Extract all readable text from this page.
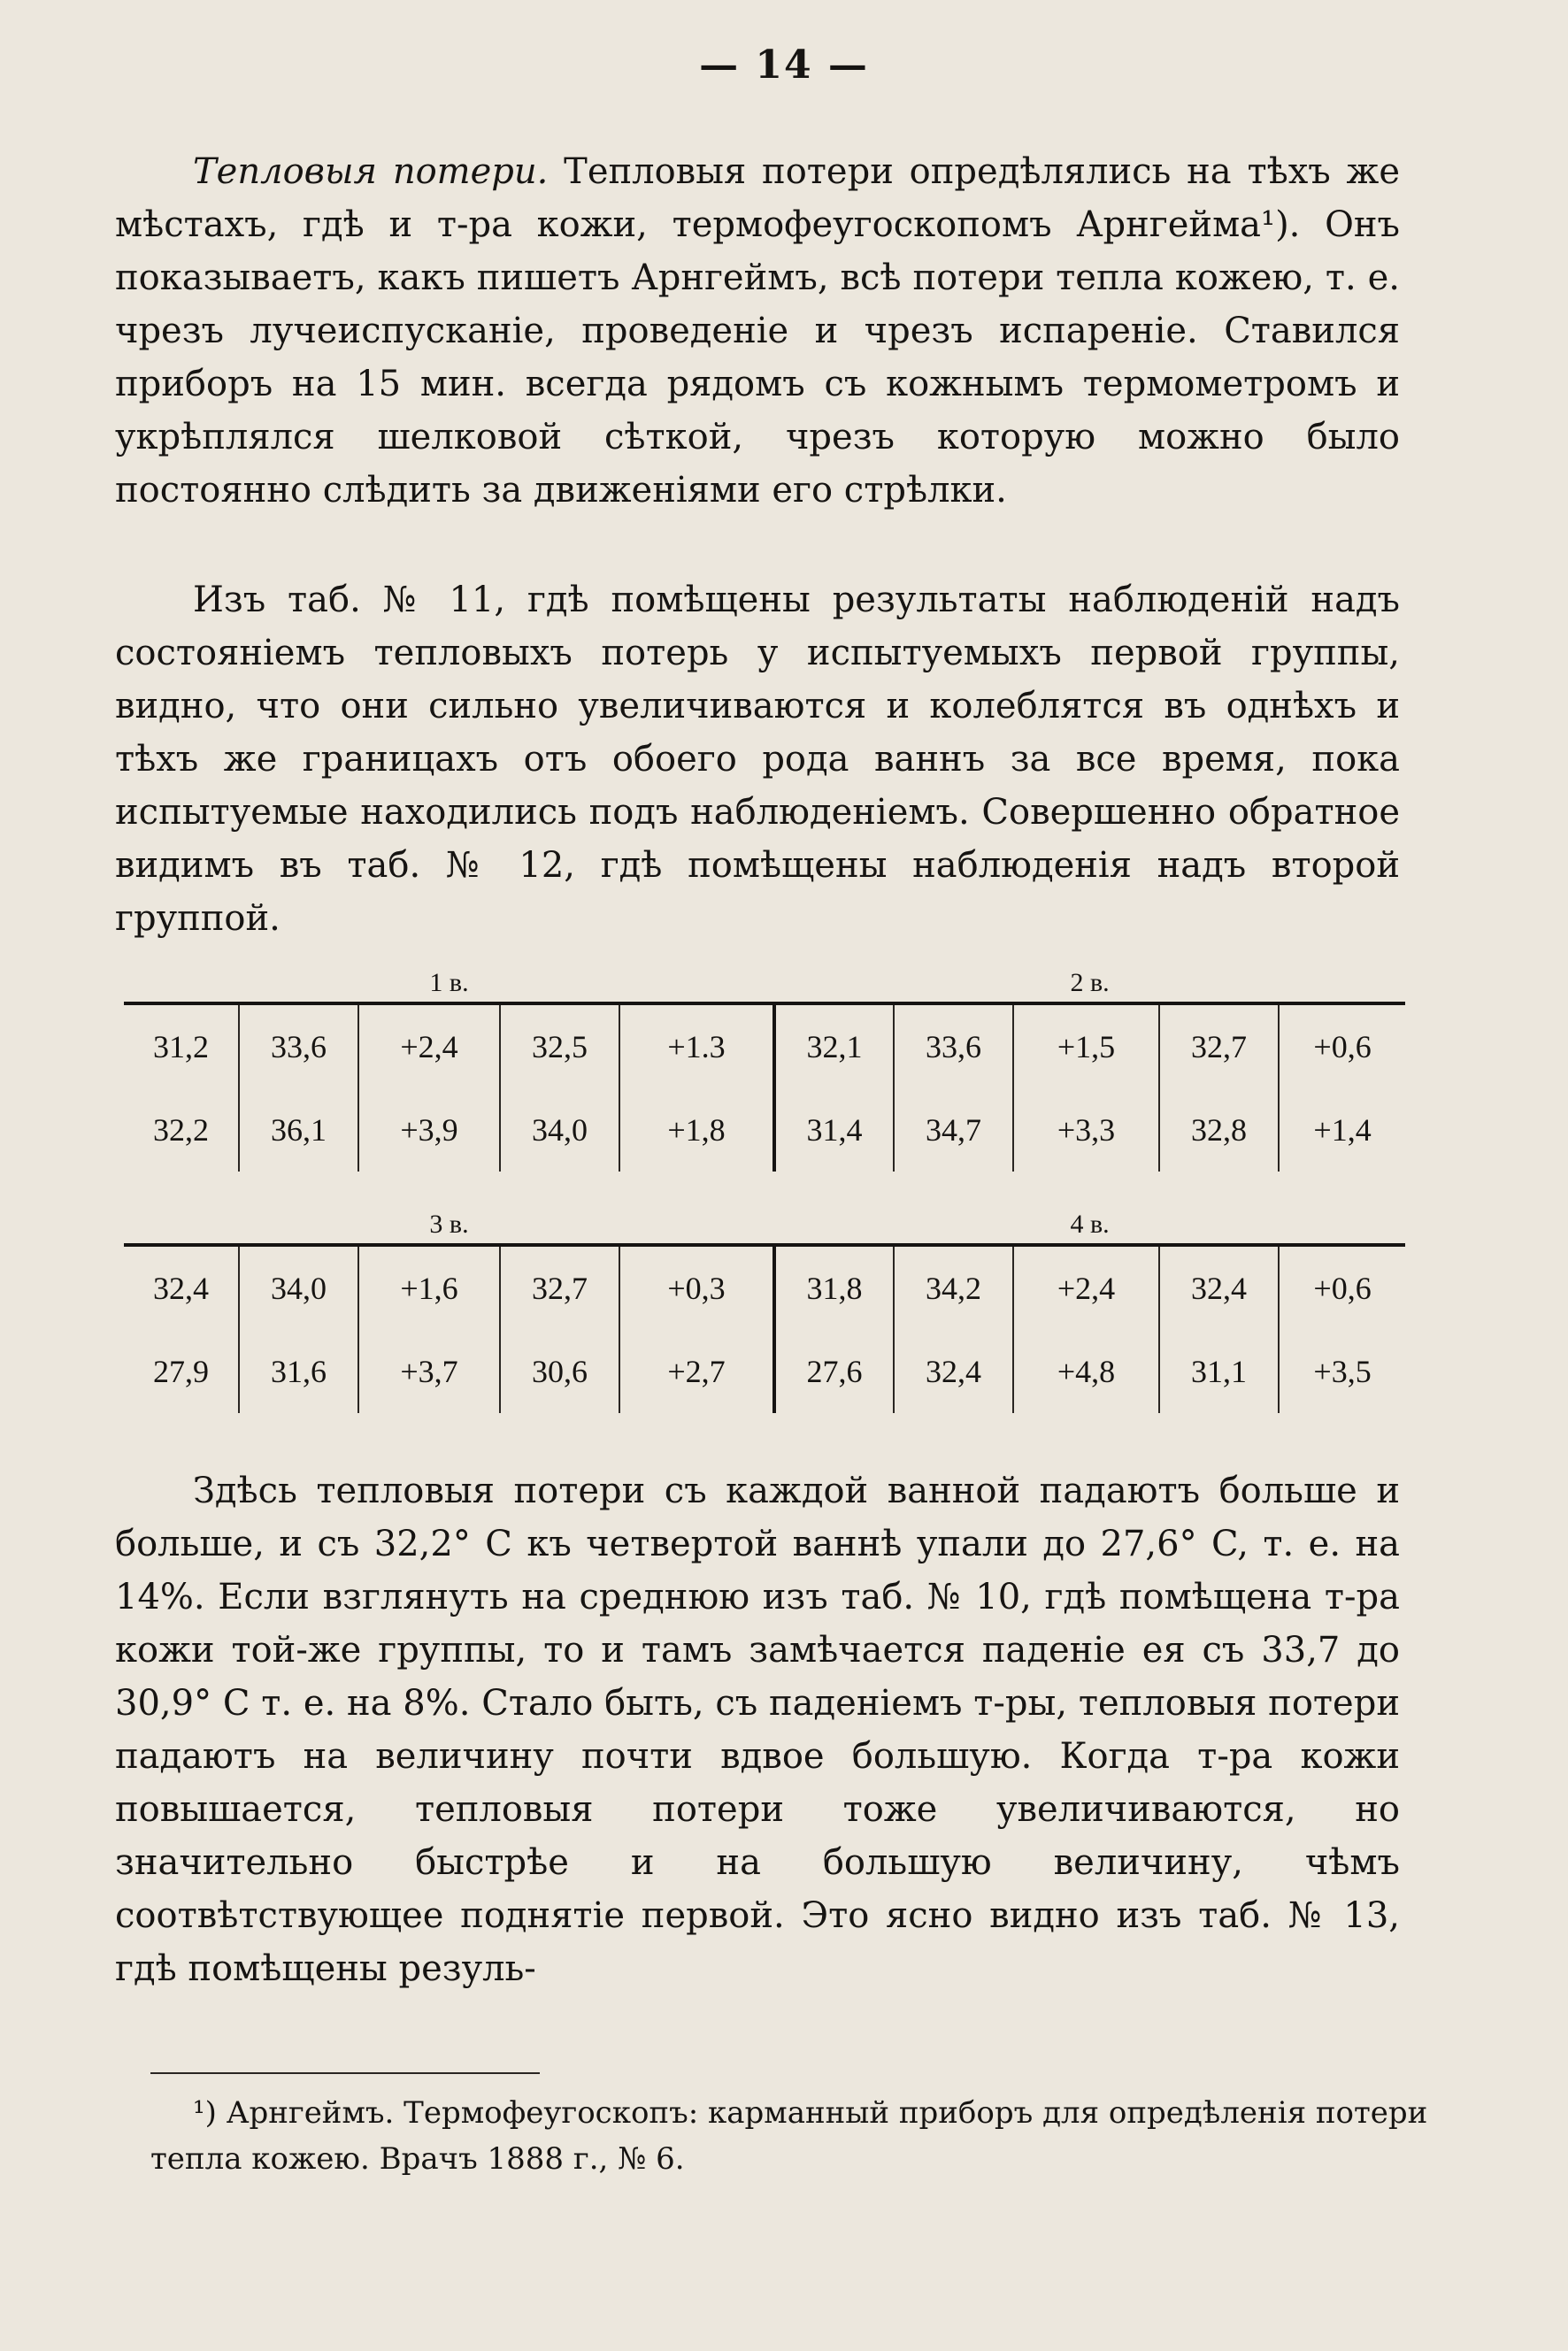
— 14 —

Тепловыя потери. Тепловыя потери опредѣлялись на тѣхъ же мѣстахъ, гдѣ и т-ра кожи, термофеугоскопомъ Арнгейма¹). Онъ показываетъ, какъ пишетъ Арнгеймъ, всѣ потери тепла кожею, т. е. чрезъ лучеиспусканіе, проведеніе и чрезъ испареніе. Ставился приборъ на 15 мин. всегда рядомъ съ кожнымъ термометромъ и укрѣплялся шелковой сѣткой, чрезъ которую можно было постоянно слѣдить за движеніями его стрѣлки.

Изъ таб. № 11, гдѣ помѣщены результаты наблюденій надъ состояніемъ тепловыхъ потерь у испытуемыхъ первой группы, видно, что они сильно увеличиваются и колеблятся въ однѣхъ и тѣхъ же границахъ отъ обоего рода ваннъ за все время, пока испытуемые находились подъ наблюденіемъ. Совершенно обратное видимъ въ таб. № 12, гдѣ помѣщены наблюденія надъ второй группой.

1 в.					2 в.				
31,2	33,6	+2,4	32,5	+1.3	32,1	33,6	+1,5	32,7	+0,6
32,2	36,1	+3,9	34,0	+1,8	31,4	34,7	+3,3	32,8	+1,4
3 в.					4 в.				
32,4	34,0	+1,6	32,7	+0,3	31,8	34,2	+2,4	32,4	+0,6
27,9	31,6	+3,7	30,6	+2,7	27,6	32,4	+4,8	31,1	+3,5

Здѣсь тепловыя потери съ каждой ванной падаютъ больше и больше, и съ 32,2° C къ четвертой ваннѣ упали до 27,6° C, т. е. на 14%. Если взглянуть на среднюю изъ таб. № 10, гдѣ помѣщена т-ра кожи той-же группы, то и тамъ замѣчается паденіе ея съ 33,7 до 30,9° C т. е. на 8%. Стало быть, съ паденіемъ т-ры, тепловыя потери падаютъ на величину почти вдвое большую. Когда т-ра кожи повышается, тепловыя потери тоже увеличиваются, но значительно быстрѣе и на большую величину, чѣмъ соотвѣтствующее поднятіе первой. Это ясно видно изъ таб. № 13, гдѣ помѣщены резуль-

¹) Арнгеймъ. Термофеугоскопъ: карманный приборъ для опредѣленія потери тепла кожею. Врачъ 1888 г., № 6.
